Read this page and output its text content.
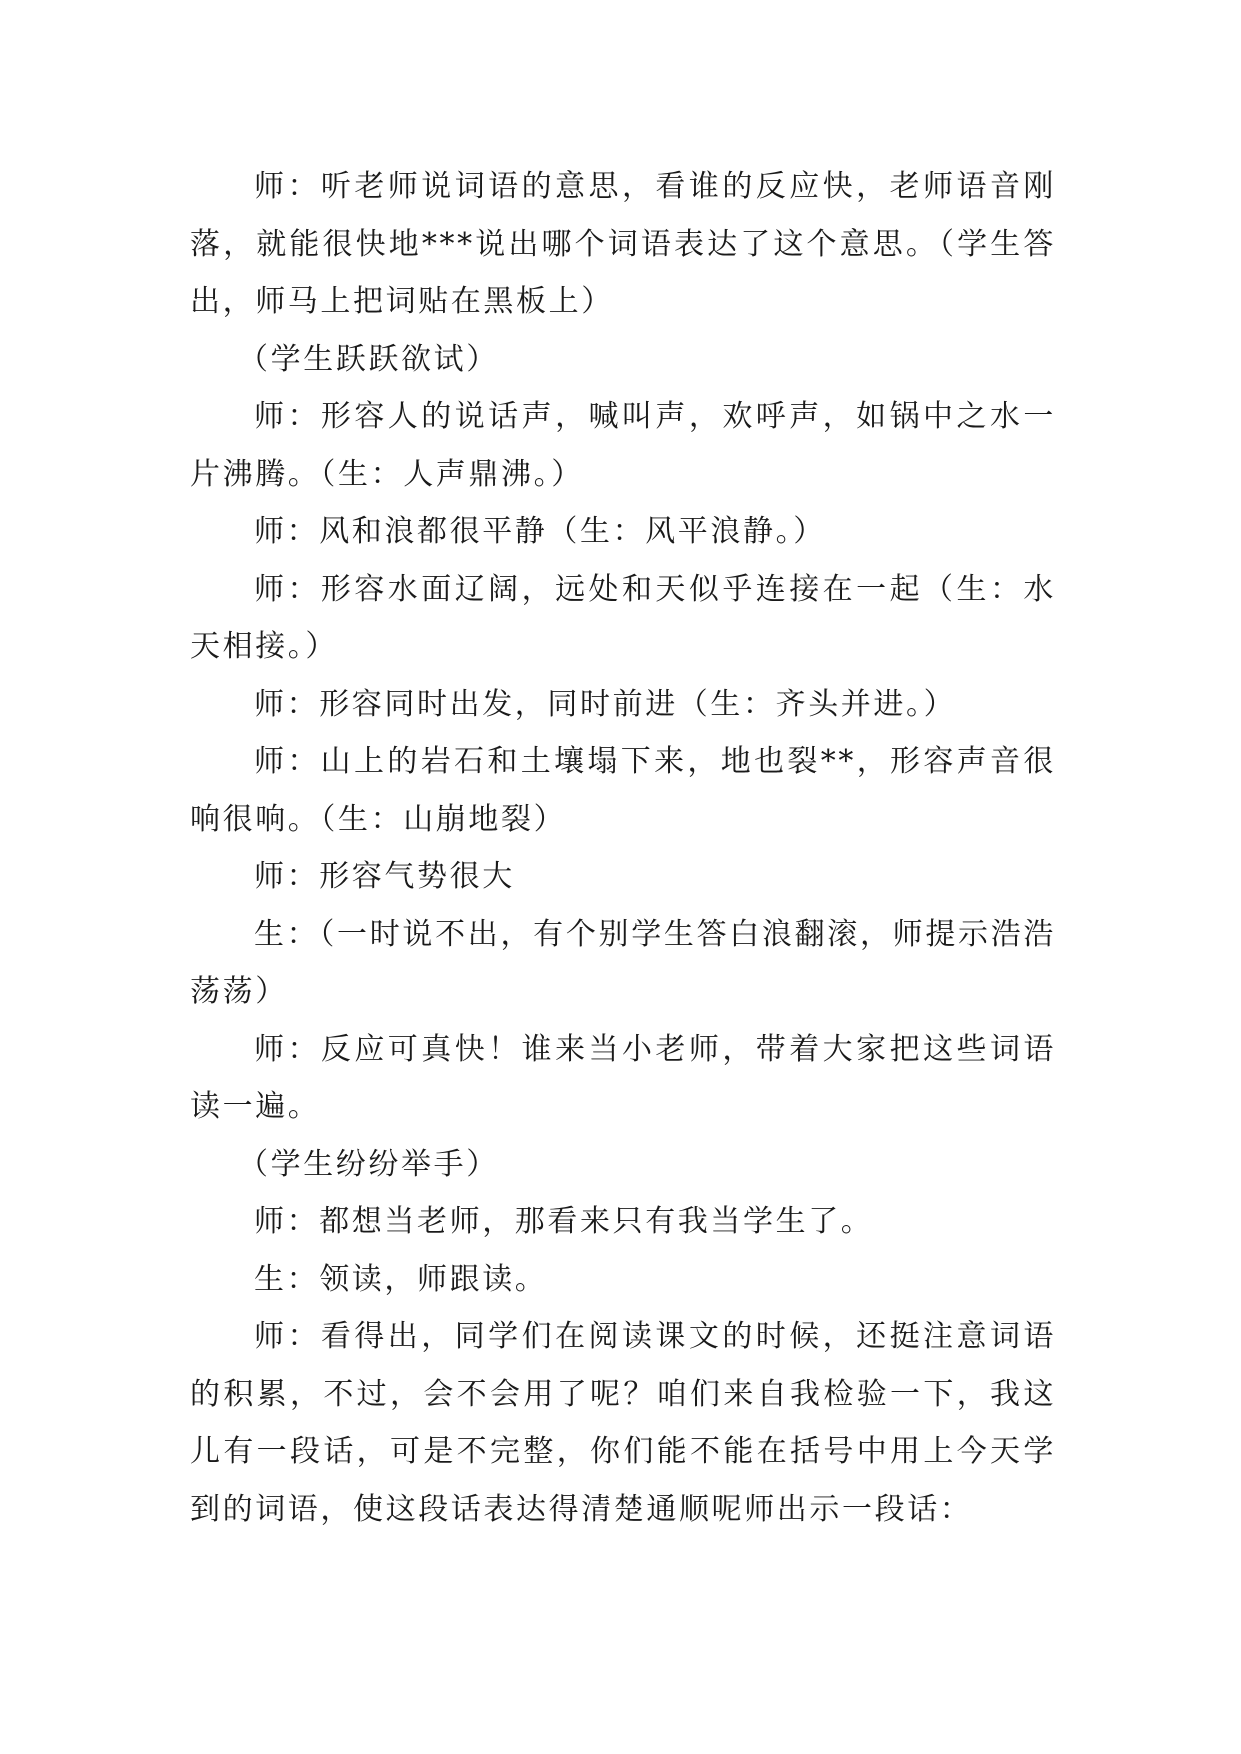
师：听老师说词语的意思，看谁的反应快，老师语音刚落，就能很快地***说出哪个词语表达了这个意思。（学生答出，师马上把词贴在黑板上）

（学生跃跃欲试）

师：形容人的说话声，喊叫声，欢呼声，如锅中之水一片沸腾。（生：人声鼎沸。）

师：风和浪都很平静（生：风平浪静。）

师：形容水面辽阔，远处和天似乎连接在一起（生：水天相接。）

师：形容同时出发，同时前进（生：齐头并进。）

师：山上的岩石和土壤塌下来，地也裂**，形容声音很响很响。（生：山崩地裂）

师：形容气势很大

生：（一时说不出，有个别学生答白浪翻滚，师提示浩浩荡荡）

师：反应可真快！谁来当小老师，带着大家把这些词语读一遍。

（学生纷纷举手）

师：都想当老师，那看来只有我当学生了。

生：领读，师跟读。

师：看得出，同学们在阅读课文的时候，还挺注意词语的积累，不过，会不会用了呢？咱们来自我检验一下，我这儿有一段话，可是不完整，你们能不能在括号中用上今天学到的词语，使这段话表达得清楚通顺呢师出示一段话：
